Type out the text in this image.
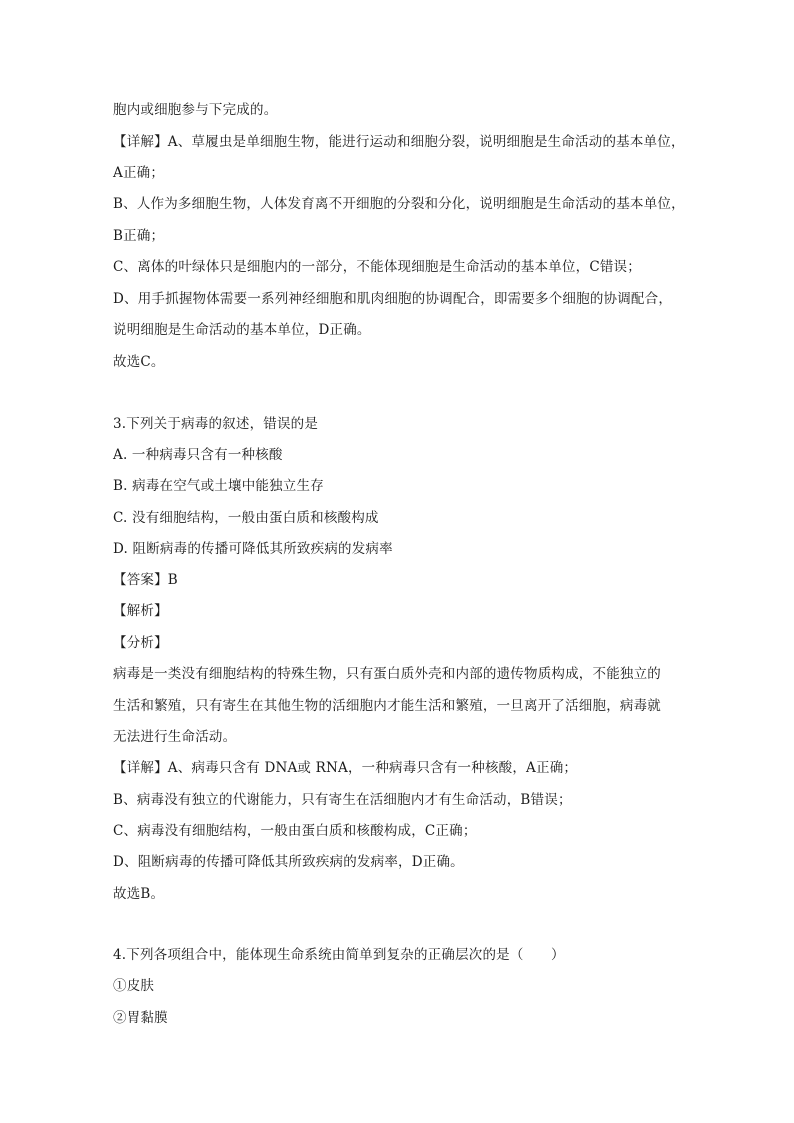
胞内或细胞参与下完成的。
【详解】A、草履虫是单细胞生物，能进行运动和细胞分裂，说明细胞是生命活动的基本单位，
A正确；
B、人作为多细胞生物，人体发育离不开细胞的分裂和分化，说明细胞是生命活动的基本单位，
B正确；
C、离体的叶绿体只是细胞内的一部分，不能体现细胞是生命活动的基本单位，C错误；
D、用手抓握物体需要一系列神经细胞和肌肉细胞的协调配合，即需要多个细胞的协调配合，
说明细胞是生命活动的基本单位，D正确。
故选C。
3.下列关于病毒的叙述，错误的是
A. 一种病毒只含有一种核酸
B. 病毒在空气或土壤中能独立生存
C. 没有细胞结构，一般由蛋白质和核酸构成
D. 阻断病毒的传播可降低其所致疾病的发病率
【答案】B
【解析】
【分析】
病毒是一类没有细胞结构的特殊生物，只有蛋白质外壳和内部的遗传物质构成，不能独立的
生活和繁殖，只有寄生在其他生物的活细胞内才能生活和繁殖，一旦离开了活细胞，病毒就
无法进行生命活动。
【详解】A、病毒只含有 DNA或 RNA，一种病毒只含有一种核酸，A正确；
B、病毒没有独立的代谢能力，只有寄生在活细胞内才有生命活动，B错误；
C、病毒没有细胞结构，一般由蛋白质和核酸构成，C正确；
D、阻断病毒的传播可降低其所致疾病的发病率，D正确。
故选B。
4.下列各项组合中，能体现生命系统由简单到复杂的正确层次的是（　　）
①皮肤
②胃黏膜
